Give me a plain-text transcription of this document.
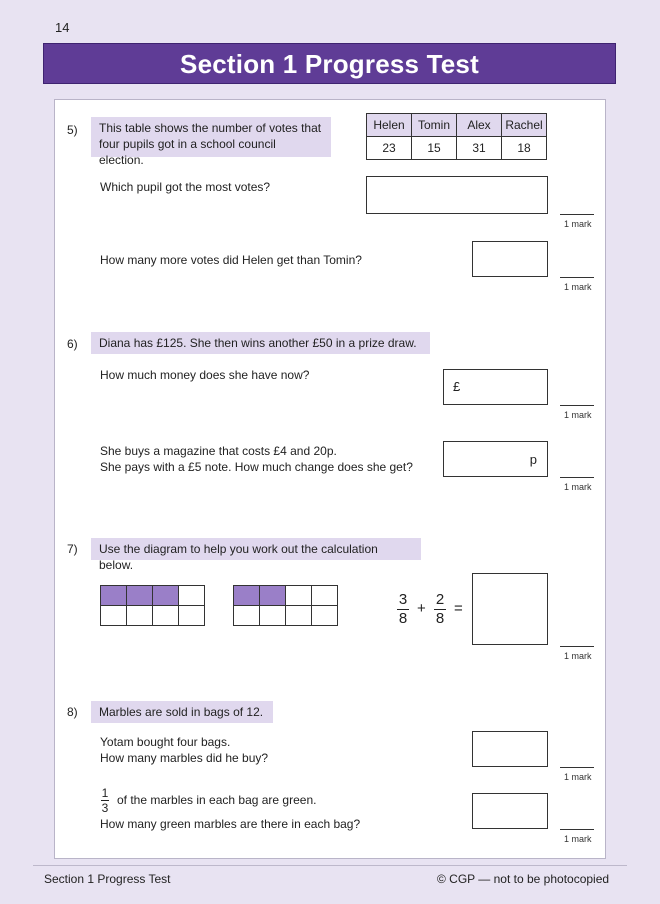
14
Section 1 Progress Test
5) This table shows the number of votes that
four pupils got in a school council election.
Helen	Tomin	Alex	Rachel
23	15	31	18
Which pupil got the most votes?
1 mark
How many more votes did Helen get than Tomin?
1 mark
6)	Diana has £125. She then wins another £50 in a prize draw.
How much money does she have now?
£
1 mark
She buys a magazine that costs £4 and 20p.
She pays with a £5 note. How much change does she get?	p
1 mark
7)	Use the diagram to help you work out the calculation below.
3
8
+
2
8
=
1 mark
8)	Marbles are sold in bags of 12.
Yotam bought four bags.
How many marbles did he buy?
1 mark
1
3
of the marbles in each bag are green.
How many green marbles are there in each bag?
1 mark
Section 1 Progress Test	© CGP — not to be photocopied
